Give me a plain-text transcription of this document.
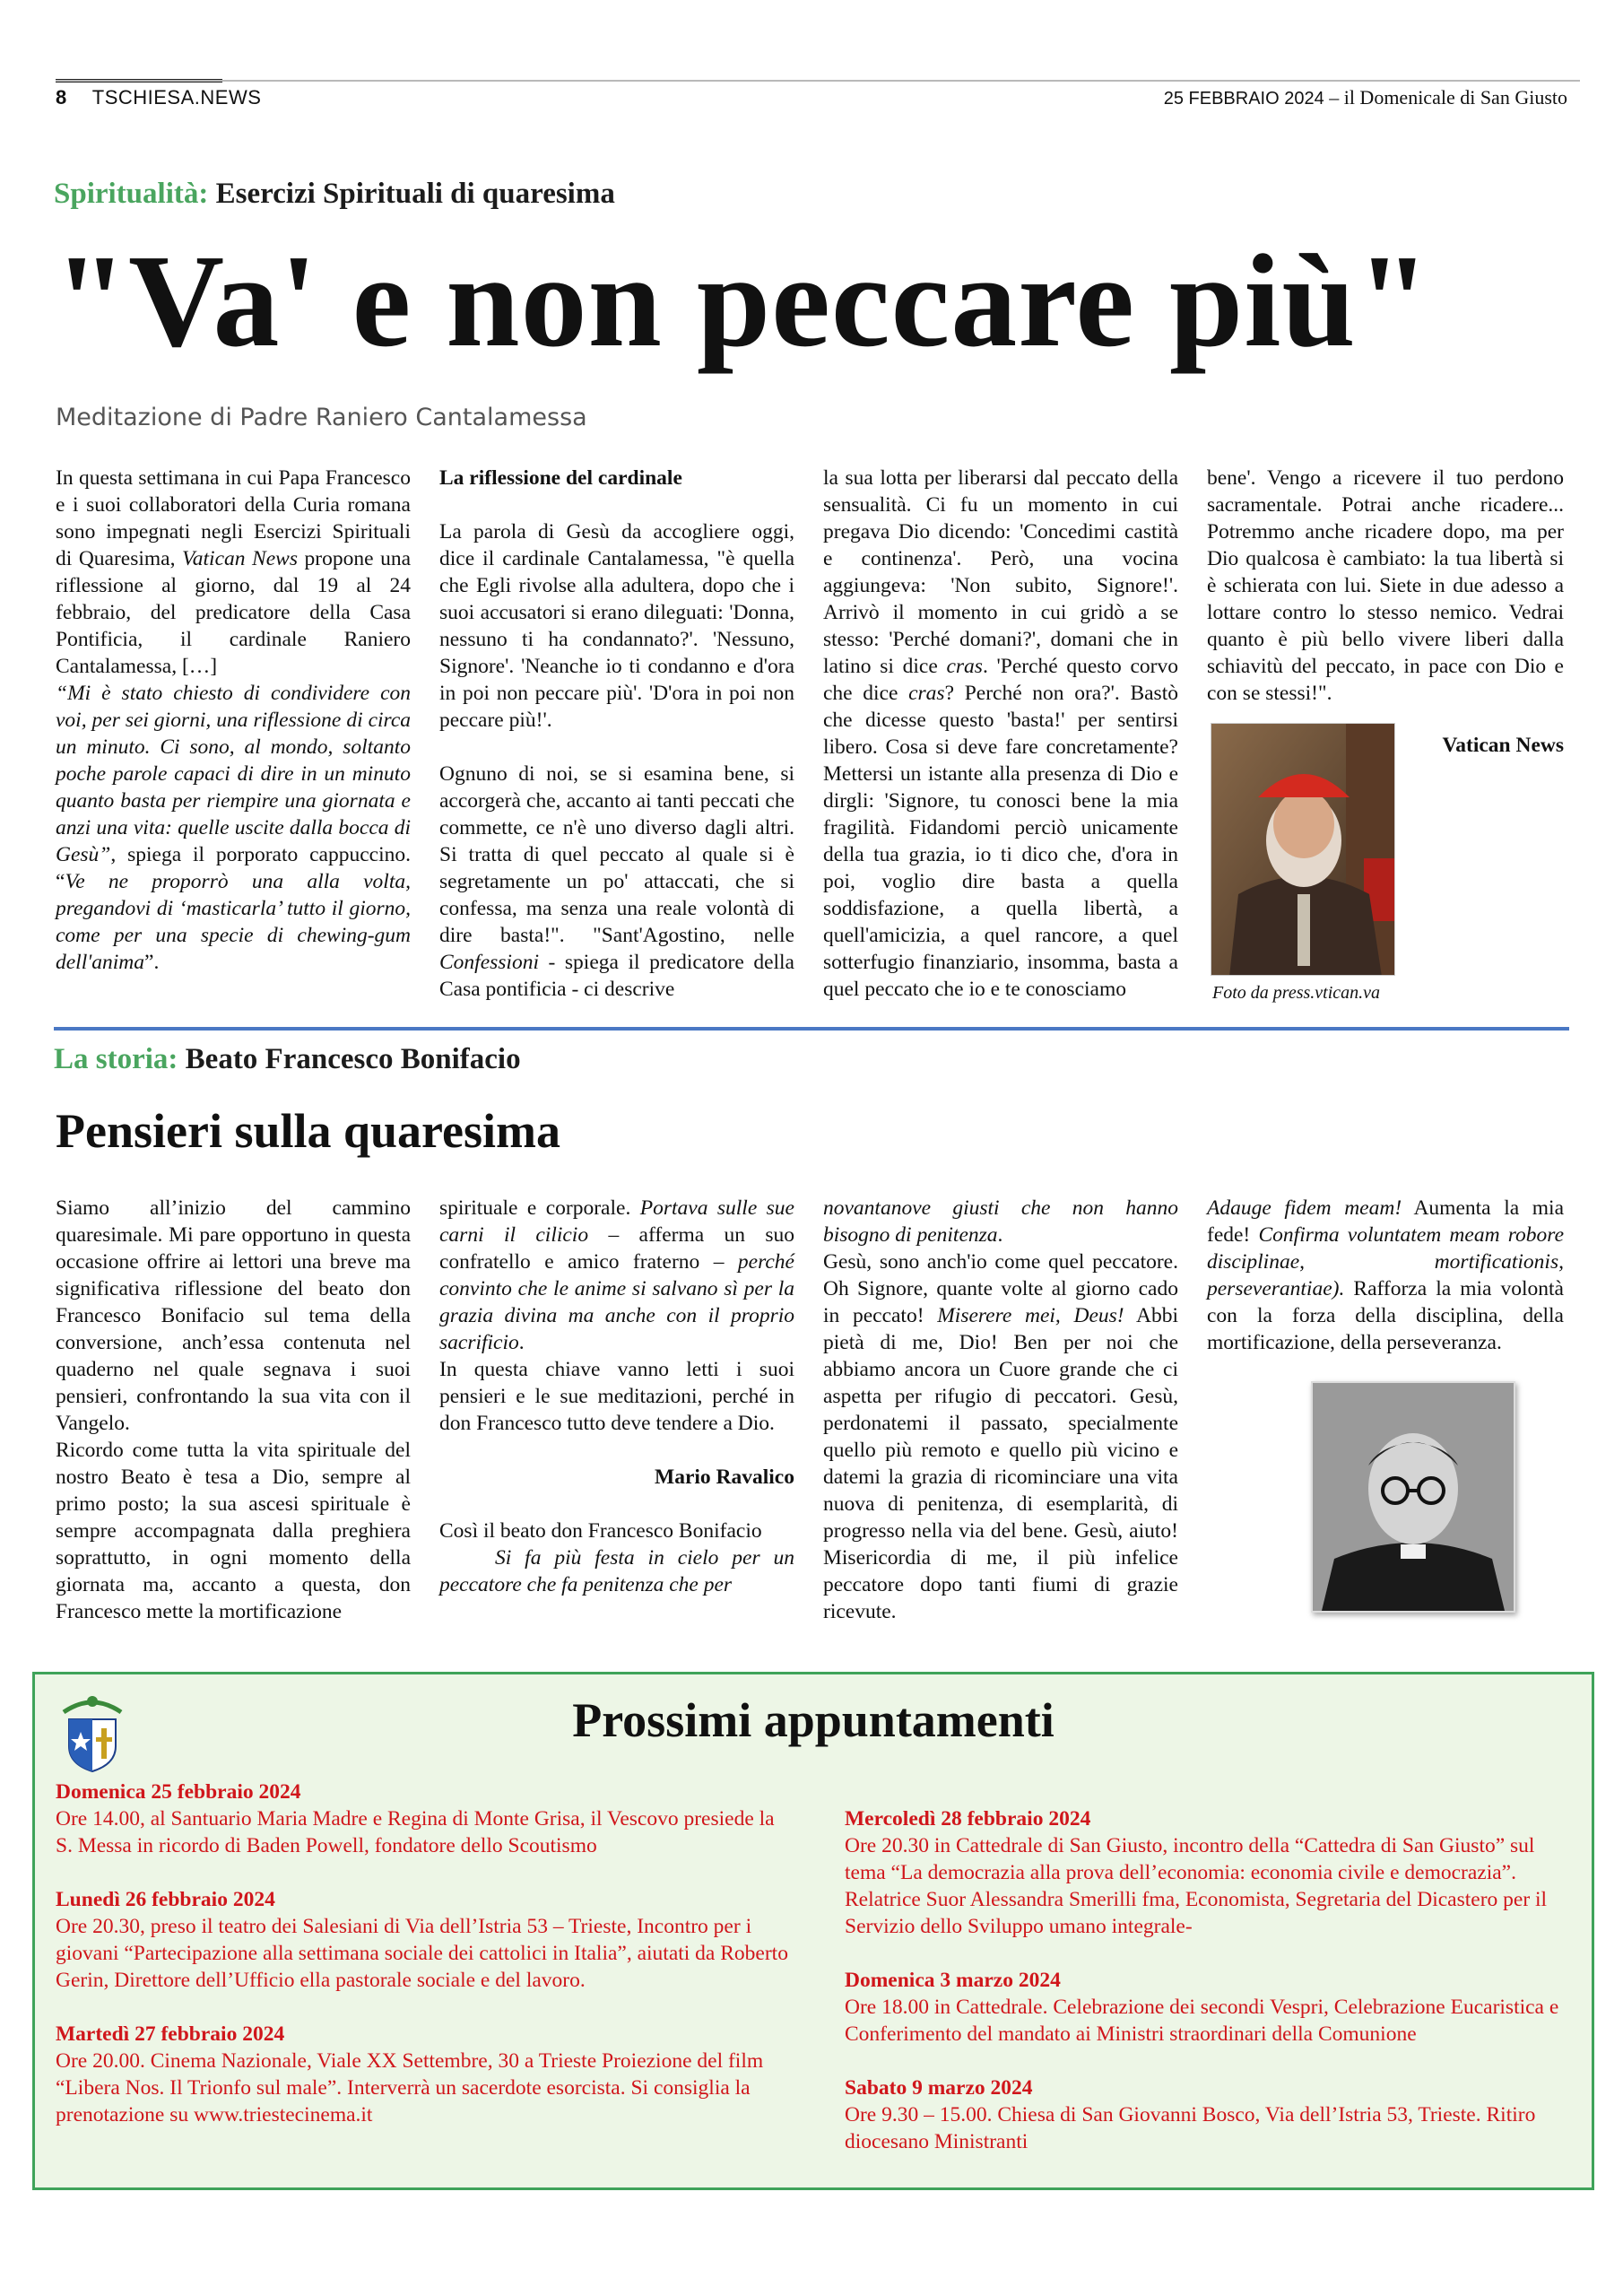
8 TSCHIESA.NEWS	25 FEBBRAIO 2024 – il Domenicale di San Giusto
Spiritualità: Esercizi Spirituali di quaresima
"Va' e non peccare più"
Meditazione di Padre Raniero Cantalamessa

In questa settimana in cui Papa Francesco e i suoi collaboratori della Curia romana sono impegnati negli Esercizi Spirituali di Quaresima, Vatican News propone una riflessione al giorno, dal 19 al 24 febbraio, del predicatore della Casa Pontificia, il cardinale Raniero Cantalamessa, […]
“Mi è stato chiesto di condividere con voi, per sei giorni, una riflessione di circa un minuto. Ci sono, al mondo, soltanto poche parole capaci di dire in un minuto quanto basta per riempire una giornata e anzi una vita: quelle uscite dalla bocca di Gesù”, spiega il porporato cappuccino. “Ve ne proporrò una alla volta, pregandovi di ‘masticarla’ tutto il giorno, come per una specie di chewing-gum dell'anima”.

La riflessione del cardinale

La parola di Gesù da accogliere oggi, dice il cardinale Cantalamessa, "è quella che Egli rivolse alla adultera, dopo che i suoi accusatori si erano dileguati: 'Donna, nessuno ti ha condannato?'. 'Nessuno, Signore'. 'Neanche io ti condanno e d'ora in poi non peccare più'. 'D'ora in poi non peccare più!'.

Ognuno di noi, se si esamina bene, si accorgerà che, accanto ai tanti peccati che commette, ce n'è uno diverso dagli altri. Si tratta di quel peccato al quale si è segretamente un po' attaccati, che si confessa, ma senza una reale volontà di dire basta!". "Sant'Agostino, nelle Confessioni - spiega il predicatore della Casa pontificia - ci descrive

la sua lotta per liberarsi dal peccato della sensualità. Ci fu un momento in cui pregava Dio dicendo: 'Concedimi castità e continenza'. Però, una vocina aggiungeva: 'Non subito, Signore!'. Arrivò il momento in cui gridò a se stesso: 'Perché domani?', domani che in latino si dice cras. 'Perché questo corvo che dice cras? Perché non ora?'. Bastò che dicesse questo 'basta!' per sentirsi libero. Cosa si deve fare concretamente? Mettersi un istante alla presenza di Dio e dirgli: 'Signore, tu conosci bene la mia fragilità. Fidandomi perciò unicamente della tua grazia, io ti dico che, d'ora in poi, voglio dire basta a quella soddisfazione, a quella libertà, a quell'amicizia, a quel rancore, a quel sotterfugio finanziario, insomma, basta a quel peccato che io e te conosciamo

bene'. Vengo a ricevere il tuo perdono sacramentale. Potrai anche ricadere... Potremmo anche ricadere dopo, ma per Dio qualcosa è cambiato: la tua libertà si è schierata con lui. Siete in due adesso a lottare contro lo stesso nemico. Vedrai quanto è più bello vivere liberi dalla schiavitù del peccato, in pace con Dio e con se stessi!".

Vatican News

Foto da press.vtican.va
La storia: Beato Francesco Bonifacio
Pensieri sulla quaresima

Siamo all’inizio del cammino quaresimale. Mi pare opportuno in questa occasione offrire ai lettori una breve ma significativa riflessione del beato don Francesco Bonifacio sul tema della conversione, anch’essa contenuta nel quaderno nel quale segnava i suoi pensieri, confrontando la sua vita con il Vangelo.

Ricordo come tutta la vita spirituale del nostro Beato è tesa a Dio, sempre al primo posto; la sua ascesi spirituale è sempre accompagnata dalla preghiera soprattutto, in ogni momento della giornata ma, accanto a questa, don Francesco mette la mortificazione

spirituale e corporale. Portava sulle sue carni il cilicio – afferma un suo confratello e amico fraterno – perché convinto che le anime si salvano sì per la grazia divina ma anche con il proprio sacrificio.

In questa chiave vanno letti i suoi pensieri e le sue meditazioni, perché in don Francesco tutto deve tendere a Dio.

Mario Ravalico

Così il beato don Francesco Bonifacio

Si fa più festa in cielo per un peccatore che fa penitenza che per

novantanove giusti che non hanno bisogno di penitenza.

Gesù, sono anch'io come quel peccatore. Oh Signore, quante volte al giorno cado in peccato! Miserere mei, Deus! Abbi pietà di me, Dio! Ben per noi che abbiamo ancora un Cuore grande che ci aspetta per rifugio di peccatori. Gesù, perdonatemi il passato, specialmente quello più remoto e quello più vicino e datemi la grazia di ricominciare una vita nuova di penitenza, di esemplarità, di progresso nella via del bene. Gesù, aiuto! Misericordia di me, il più infelice peccatore dopo tanti fiumi di grazie ricevute.

Adauge fidem meam! Aumenta la mia fede! Confirma voluntatem meam robore disciplinae, mortificationis, perseverantiae). Rafforza la mia volontà con la forza della disciplina, della mortificazione, della perseveranza.

Prossimi appuntamenti
Domenica 25 febbraio 2024
Ore 14.00, al Santuario Maria Madre e Regina di Monte Grisa, il Vescovo presiede la S. Messa in ricordo di Baden Powell, fondatore dello Scoutismo
Lunedì 26 febbraio 2024
Ore 20.30, preso il teatro dei Salesiani di Via dell’Istria 53 – Trieste, Incontro per i giovani “Partecipazione alla settimana sociale dei cattolici in Italia”, aiutati da Roberto Gerin, Direttore dell’Ufficio ella pastorale sociale e del lavoro.
Martedì 27 febbraio 2024
Ore 20.00. Cinema Nazionale, Viale XX Settembre, 30 a Trieste Proiezione del film “Libera Nos. Il Trionfo sul male”. Interverrà un sacerdote esorcista. Si consiglia la prenotazione su www.triestecinema.it
Mercoledì 28 febbraio 2024
Ore 20.30 in Cattedrale di San Giusto, incontro della “Cattedra di San Giusto” sul tema “La democrazia alla prova dell’economia: economia civile e democrazia”. Relatrice Suor Alessandra Smerilli fma, Economista, Segretaria del Dicastero per il Servizio dello Sviluppo umano integrale-
Domenica 3 marzo 2024
Ore 18.00 in Cattedrale. Celebrazione dei secondi Vespri, Celebrazione Eucaristica e Conferimento del mandato ai Ministri straordinari della Comunione
Sabato 9 marzo 2024
Ore 9.30 – 15.00. Chiesa di San Giovanni Bosco, Via dell’Istria 53, Trieste. Ritiro diocesano Ministranti
